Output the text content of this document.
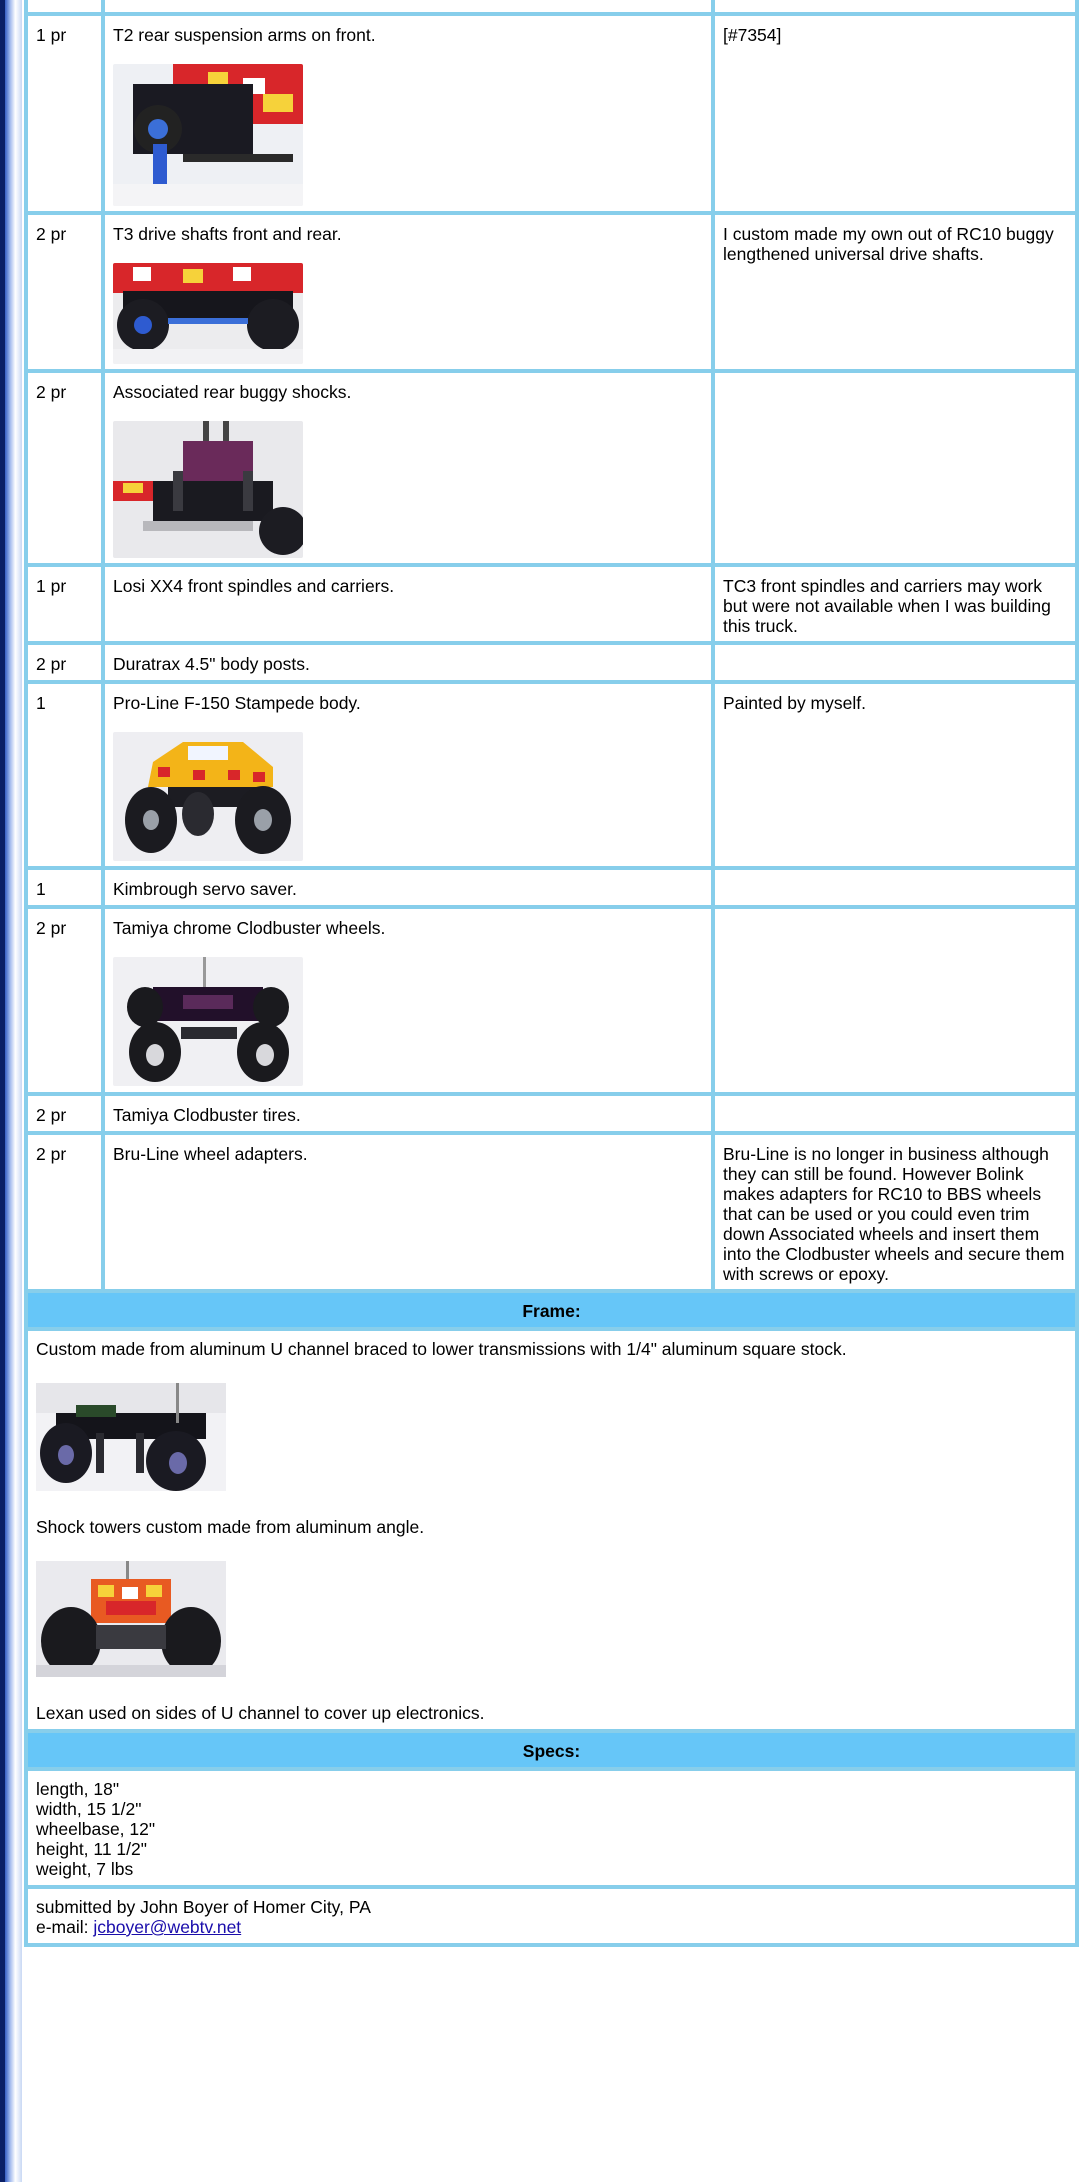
1 pr	T2 rear suspension arms on front.	[#7354]
2 pr	T3 drive shafts front and rear.	I custom made my own out of RC10 buggy lengthened universal drive shafts.
2 pr	Associated rear buggy shocks.

1 pr	Losi XX4 front spindles and carriers.	TC3 front spindles and carriers may work but were not available when I was building this truck.
2 pr	Duratrax 4.5" body posts.	
1	Pro-Line F-150 Stampede body.	Painted by myself.
1	Kimbrough servo saver.	
2 pr	Tamiya chrome Clodbuster wheels.

2 pr	Tamiya Clodbuster tires.	
2 pr	Bru-Line wheel adapters.	Bru-Line is no longer in business although they can still be found. However Bolink makes adapters for RC10 to BBS wheels that can be used or you could even trim down Associated wheels and insert them into the Clodbuster wheels and secure them with screws or epoxy.
Frame:		

Custom made from aluminum U channel braced to lower transmissions with 1/4" aluminum square stock.

Shock towers custom made from aluminum angle.

Lexan used on sides of U channel to cover up electronics.		

Specs:		

length, 18"
width, 15 1/2"
wheelbase, 12"
height, 11 1/2"
weight, 7 lbs		

submitted by John Boyer of Homer City, PA
e-mail: jcboyer@webtv.net		
